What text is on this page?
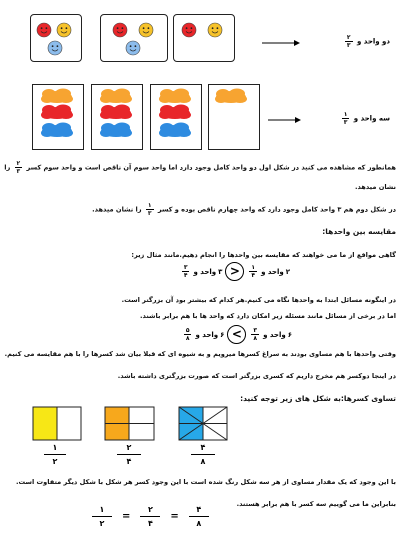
دو واحد و
۲
۳
سه واحد و
۱
۳
همانطور که مشاهده می کنید در شکل اول دو واحد کامل وجود دارد اما واحد سوم آن ناقص است و واحد سوم کسر
۲
۳
را
نشان میدهد.
در شکل دوم هم ۳ واحد کامل وجود دارد که واحد چهارم ناقص بوده و کسر
۱
۳
را نشان میدهد.
مقایسه بین واحدها:
گاهی مواقع از ما می خواهند که مقایسه بین واحدها را انجام دهیم.مانند مثال زیر:
۲
واحد و
۱
۴
<
۳
واحد و
۳
۴
در اینگونه مسائل ابتدا به واحدها نگاه می کنیم.هر کدام که بیشتر بود آن بزرگتر است.
اما در برخی از مسائل مانند مسئله زیر امکان دارد که واحد ها با هم برابر باشند.
۶
واحد و
۳
۸
>
۶
واحد و
۵
۸
وقتی واحدها با هم مساوی بودند به سراغ کسرها میرویم و به شیوه ای که قبلا بیان شد کسرها را با هم مقایسه می کنیم.
در اینجا دوکسر هم مخرج داریم که کسری بزرگتر است که صورت بزرگتری داشته باشد.
تساوی کسرها:به شکل های زیر توجه کنید:
۱
۲
۲
۴
۴
۸
با این وجود که یک مقدار مساوی از هر سه شکل رنگ شده است با این وجود کسر هر شکل با شکل دیگر متفاوت است.
بنابراین ما می گوییم سه کسر با هم برابر هستند.
$\frac{۱}{۲} = \frac{۲}{۴} = \frac{۴}{۸}$
